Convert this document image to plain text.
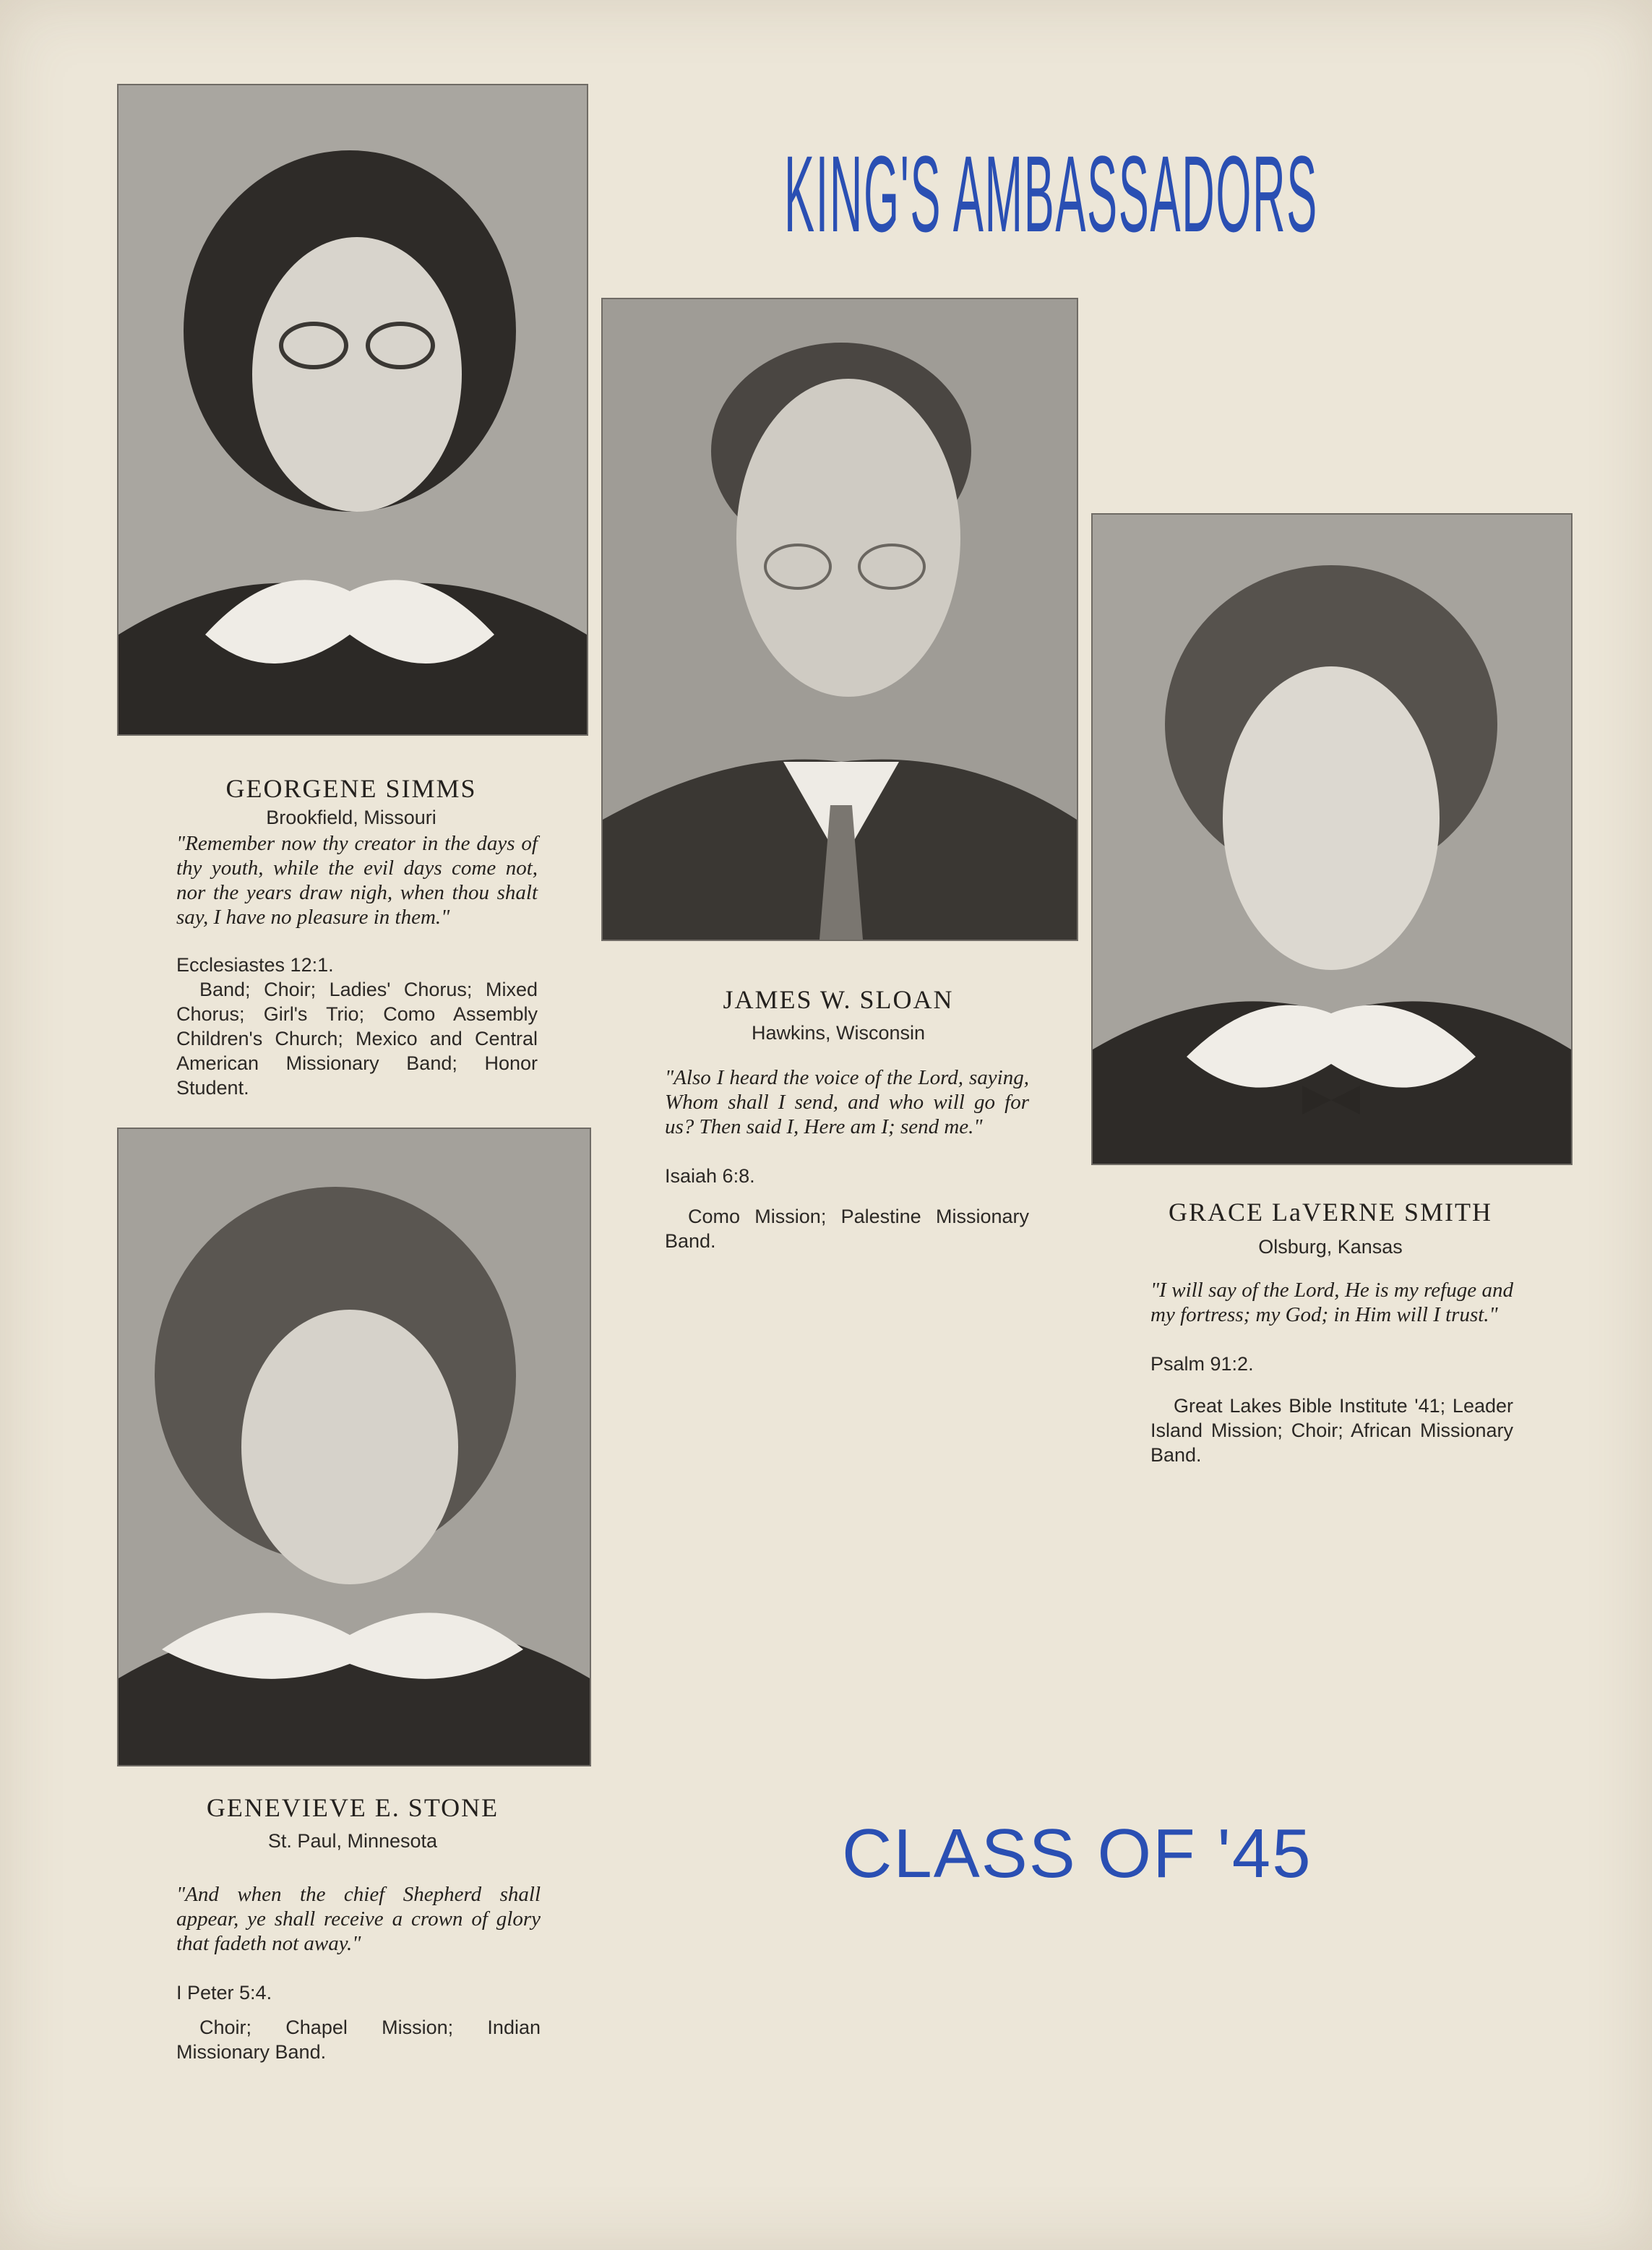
KING'S AMBASSADORS
GEORGENE SIMMS
Brookfield, Missouri
"Remember now thy creator in the days of thy youth, while the evil days come not, nor the years draw nigh, when thou shalt say, I have no pleasure in them."
Ecclesiastes 12:1.
Band; Choir; Ladies' Chorus; Mixed Chorus; Girl's Trio; Como Assembly Children's Church; Mexico and Central American Missionary Band; Honor Student.
JAMES W. SLOAN
Hawkins, Wisconsin
"Also I heard the voice of the Lord, saying, Whom shall I send, and who will go for us? Then said I, Here am I; send me."
Isaiah 6:8.
Como Mission; Palestine Missionary Band.
GRACE LaVERNE SMITH
Olsburg, Kansas
"I will say of the Lord, He is my refuge and my fortress; my God; in Him will I trust."
Psalm 91:2.
Great Lakes Bible Institute '41; Leader Island Mission; Choir; African Missionary Band.
GENEVIEVE E. STONE
St. Paul, Minnesota
"And when the chief Shepherd shall appear, ye shall receive a crown of glory that fadeth not away."
I Peter 5:4.
Choir; Chapel Mission; Indian Missionary Band.
CLASS OF '45
